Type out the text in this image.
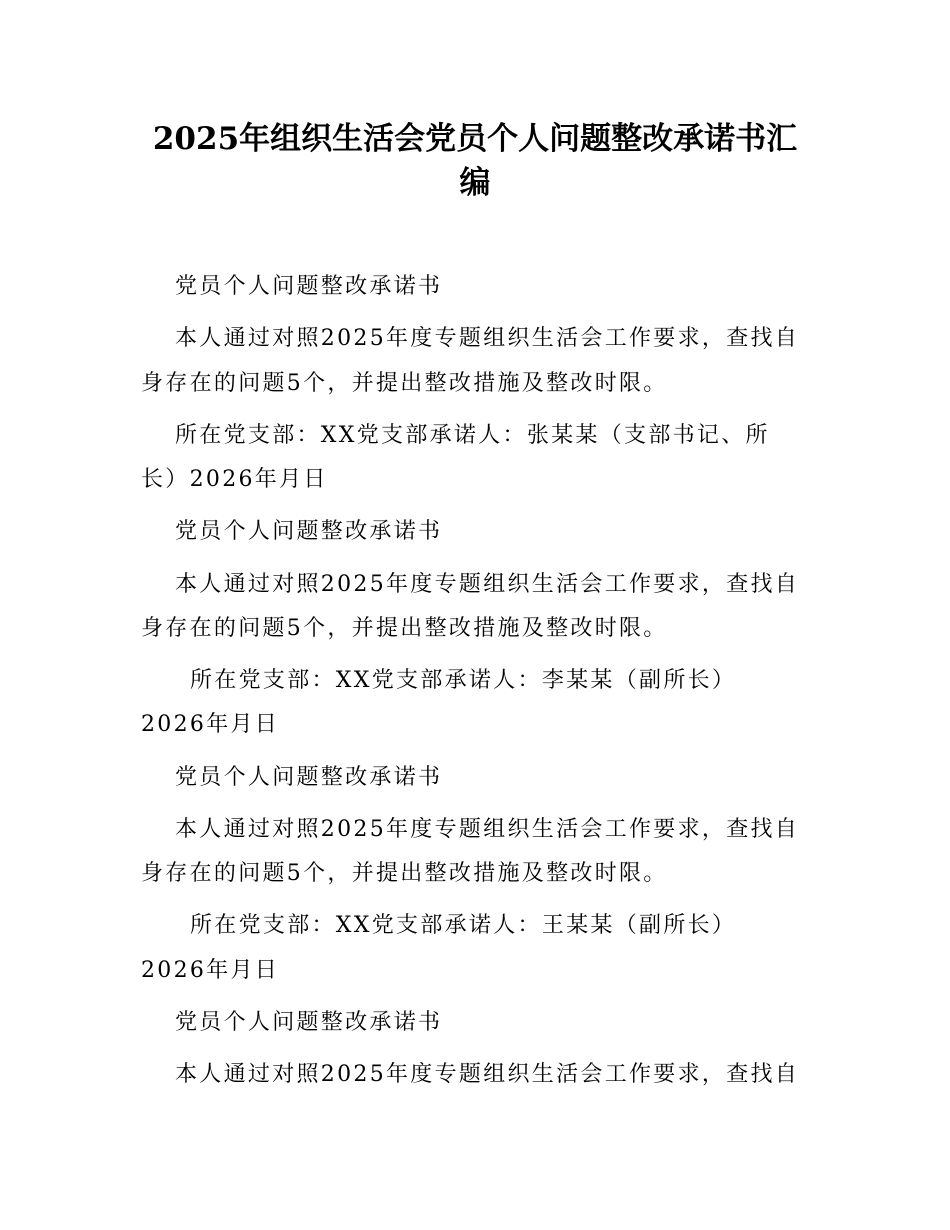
2025年组织生活会党员个人问题整改承诺书汇
编

党员个人问题整改承诺书

本人通过对照2025年度专题组织生活会工作要求，查找自

身存在的问题5个，并提出整改措施及整改时限。

所在党支部：XX党支部承诺人：张某某（支部书记、所

长）2026年月日

党员个人问题整改承诺书

本人通过对照2025年度专题组织生活会工作要求，查找自

身存在的问题5个，并提出整改措施及整改时限。

所在党支部：XX党支部承诺人：李某某（副所长）

2026年月日

党员个人问题整改承诺书

本人通过对照2025年度专题组织生活会工作要求，查找自

身存在的问题5个，并提出整改措施及整改时限。

所在党支部：XX党支部承诺人：王某某（副所长）

2026年月日

党员个人问题整改承诺书

本人通过对照2025年度专题组织生活会工作要求，查找自
